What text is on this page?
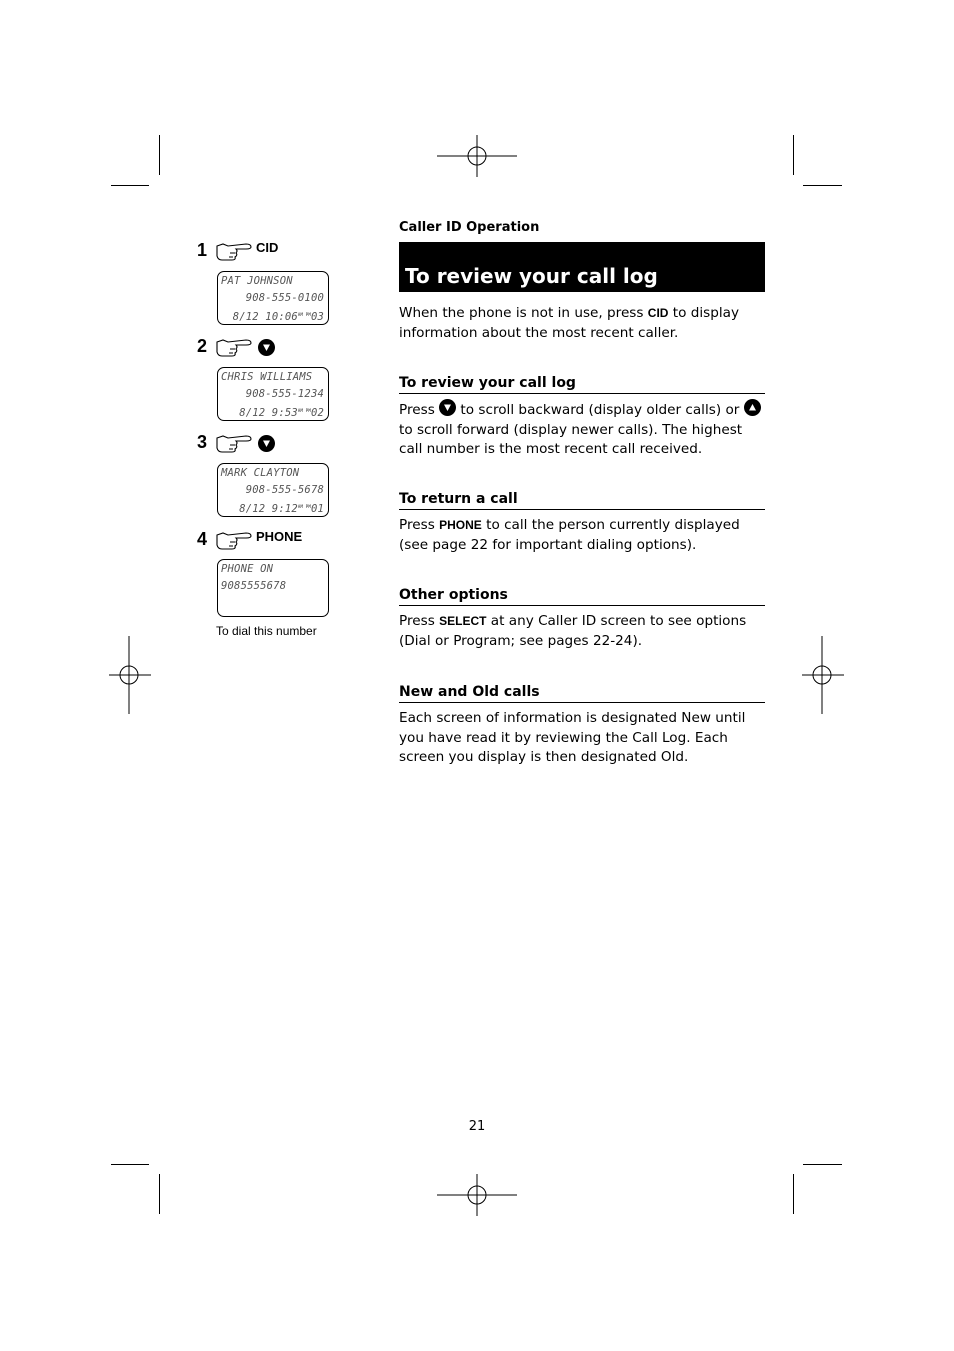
1	CID
PAT JOHNSON
908-555-0100
8/12 $10:06^{AM PM}03$
2
CHRIS WILLIAMS
908-555-1234
8/12 $9:53^{AM PM}02$
3
MARK CLAYTON
908-555-5678
8/12 $9:12^{AM PM}01$
4	PHONE
PHONE ON
9085555678
To dial this number
Caller ID Operation
To review your call log
When the phone is not in use, press CID to display information about the most recent caller.
To review your call log
Press
to scroll backward (display older calls) or
to scroll forward (display newer calls). The highest call number is the most recent call received.
To return a call
Press PHONE to call the person currently displayed (see page 22 for important dialing options).
Other options
Press SELECT at any Caller ID screen to see options (Dial or Program; see pages 22-24).
New and Old calls
Each screen of information is designated New until you have read it by reviewing the Call Log. Each screen you display is then designated Old.
21
